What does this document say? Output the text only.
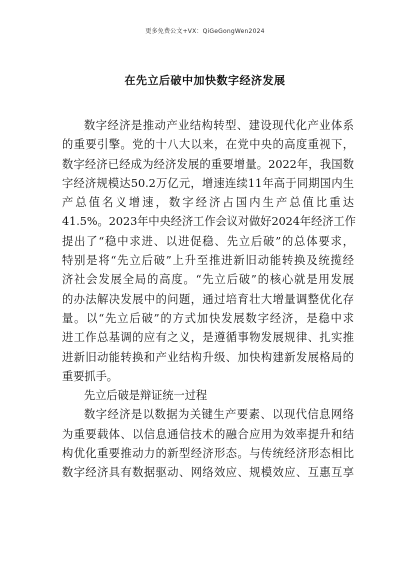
更多免费公文+VX：QiGeGongWen2024
在先立后破中加快数字经济发展
数字经济是推动产业结构转型、建设现代化产业体系
的重要引擎。党的十八大以来，在党中央的高度重视下，
数字经济已经成为经济发展的重要增量。2022年，我国数
字经济规模达50.2万亿元，增速连续11年高于同期国内生
产总值名义增速，数字经济占国内生产总值比重达
41.5%。2023年中央经济工作会议对做好2024年经济工作
提出了“稳中求进、以进促稳、先立后破”的总体要求，
特别是将“先立后破”上升至推进新旧动能转换及统揽经
济社会发展全局的高度。“先立后破”的核心就是用发展
的办法解决发展中的问题，通过培育壮大增量调整优化存
量。以“先立后破”的方式加快发展数字经济，是稳中求
进工作总基调的应有之义，是遵循事物发展规律、扎实推
进新旧动能转换和产业结构升级、加快构建新发展格局的
重要抓手。
先立后破是辩证统一过程
数字经济是以数据为关键生产要素、以现代信息网络
为重要载体、以信息通信技术的融合应用为效率提升和结
构优化重要推动力的新型经济形态。与传统经济形态相比
数字经济具有数据驱动、网络效应、规模效应、互惠互享
